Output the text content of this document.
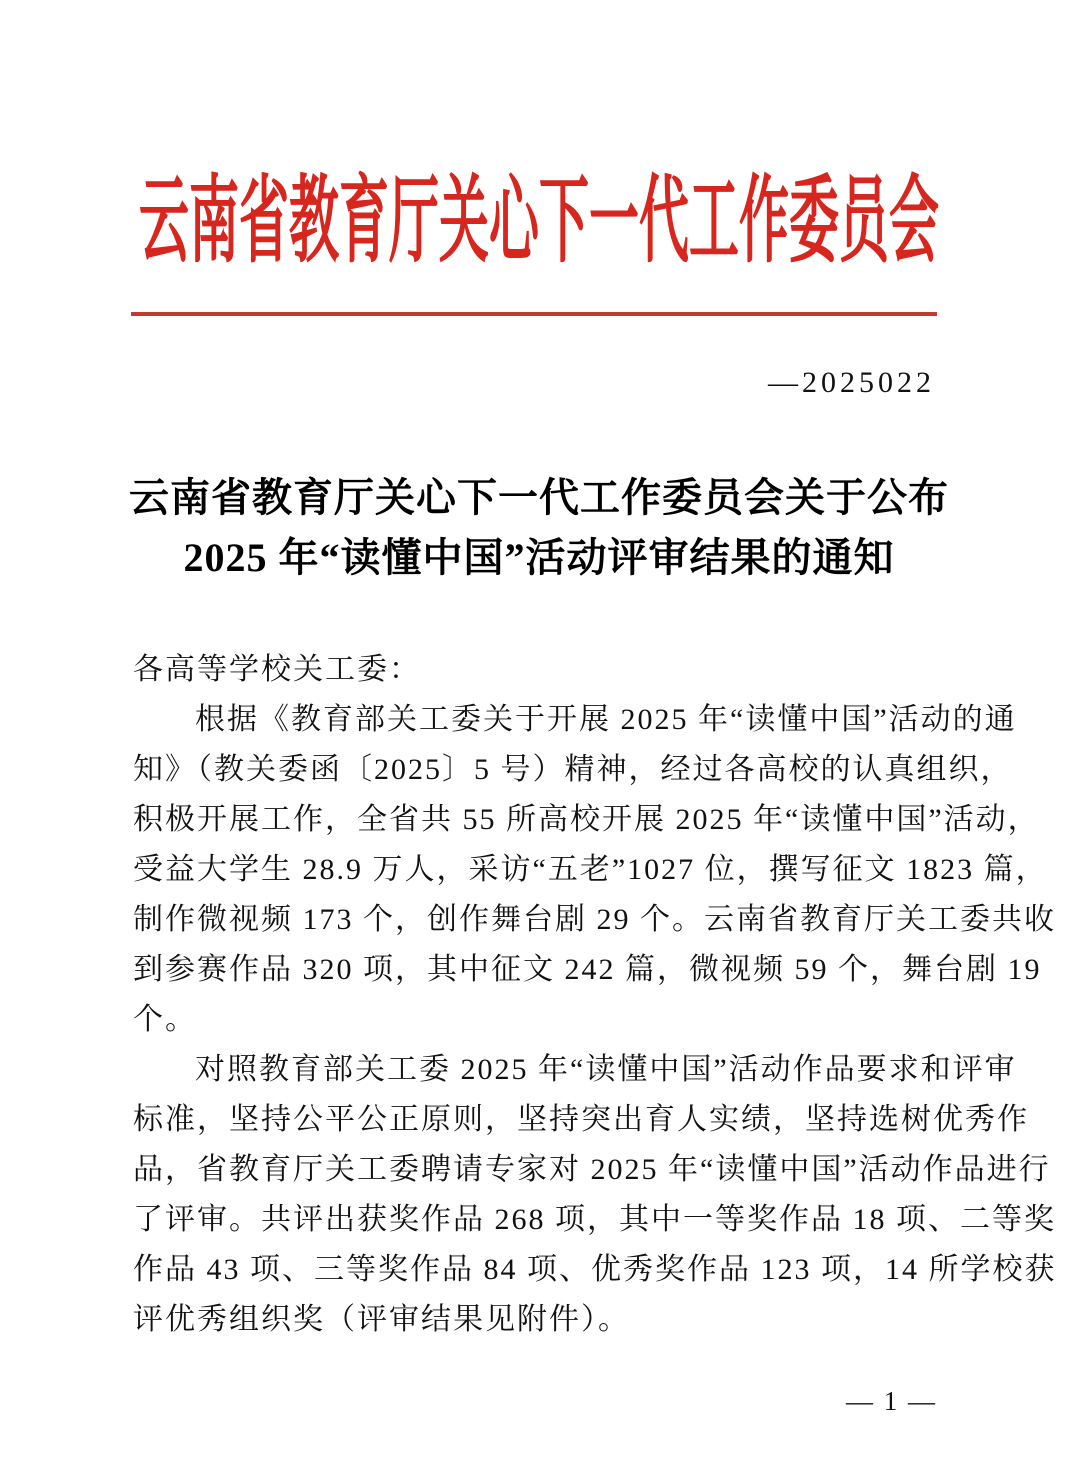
云南省教育厅关心下一代工作委员会
—2025022
云南省教育厅关心下一代工作委员会关于公布
2025 年“读懂中国”活动评审结果的通知
各高等学校关工委：
根据《教育部关工委关于开展 2025 年“读懂中国”活动的通
知》（教关委函〔2025〕5 号）精神，经过各高校的认真组织，
积极开展工作，全省共 55 所高校开展 2025 年“读懂中国”活动，
受益大学生 28.9 万人，采访“五老”1027 位，撰写征文 1823 篇，
制作微视频 173 个，创作舞台剧 29 个。云南省教育厅关工委共收
到参赛作品 320 项，其中征文 242 篇，微视频 59 个，舞台剧 19
个。
对照教育部关工委 2025 年“读懂中国”活动作品要求和评审
标准，坚持公平公正原则，坚持突出育人实绩，坚持选树优秀作
品，省教育厅关工委聘请专家对 2025 年“读懂中国”活动作品进行
了评审。共评出获奖作品 268 项，其中一等奖作品 18 项、二等奖
作品 43 项、三等奖作品 84 项、优秀奖作品 123 项，14 所学校获
评优秀组织奖（评审结果见附件）。
— 1 —
